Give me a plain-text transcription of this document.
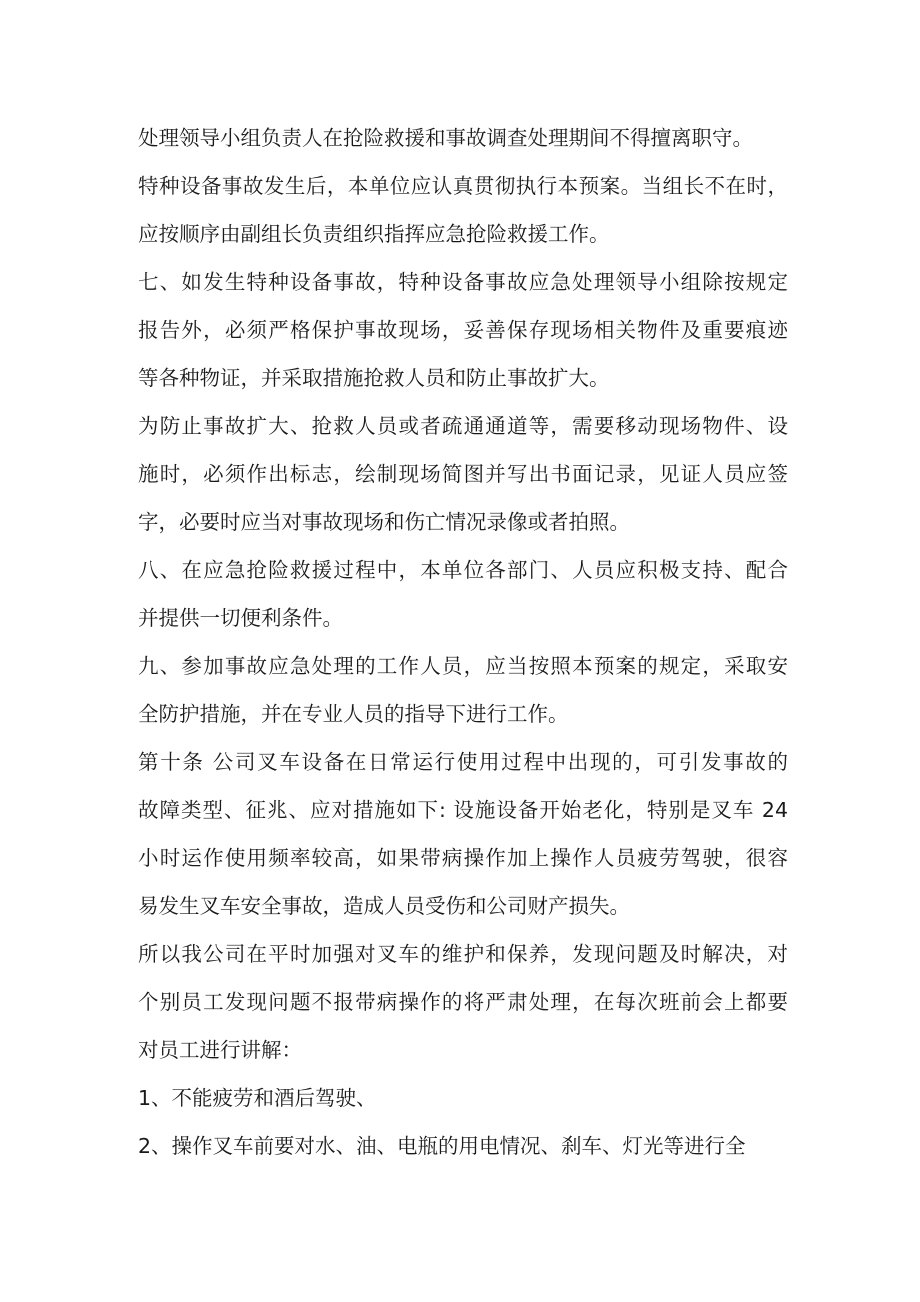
处理领导小组负责人在抢险救援和事故调查处理期间不得擅离职守。
特种设备事故发生后，本单位应认真贯彻执行本预案。当组长不在时，
应按顺序由副组长负责组织指挥应急抢险救援工作。
七、如发生特种设备事故，特种设备事故应急处理领导小组除按规定
报告外，必须严格保护事故现场，妥善保存现场相关物件及重要痕迹
等各种物证，并采取措施抢救人员和防止事故扩大。
为防止事故扩大、抢救人员或者疏通通道等，需要移动现场物件、设
施时，必须作出标志，绘制现场简图并写出书面记录，见证人员应签
字，必要时应当对事故现场和伤亡情况录像或者拍照。
八、在应急抢险救援过程中，本单位各部门、人员应积极支持、配合
并提供一切便利条件。
九、参加事故应急处理的工作人员，应当按照本预案的规定，采取安
全防护措施，并在专业人员的指导下进行工作。
第十条 公司叉车设备在日常运行使用过程中出现的，可引发事故的
故障类型、征兆、应对措施如下: 设施设备开始老化，特别是叉车 24
小时运作使用频率较高，如果带病操作加上操作人员疲劳驾驶，很容
易发生叉车安全事故，造成人员受伤和公司财产损失。
所以我公司在平时加强对叉车的维护和保养，发现问题及时解决，对
个别员工发现问题不报带病操作的将严肃处理，在每次班前会上都要
对员工进行讲解：
1、不能疲劳和酒后驾驶、
2、操作叉车前要对水、油、电瓶的用电情况、刹车、灯光等进行全
